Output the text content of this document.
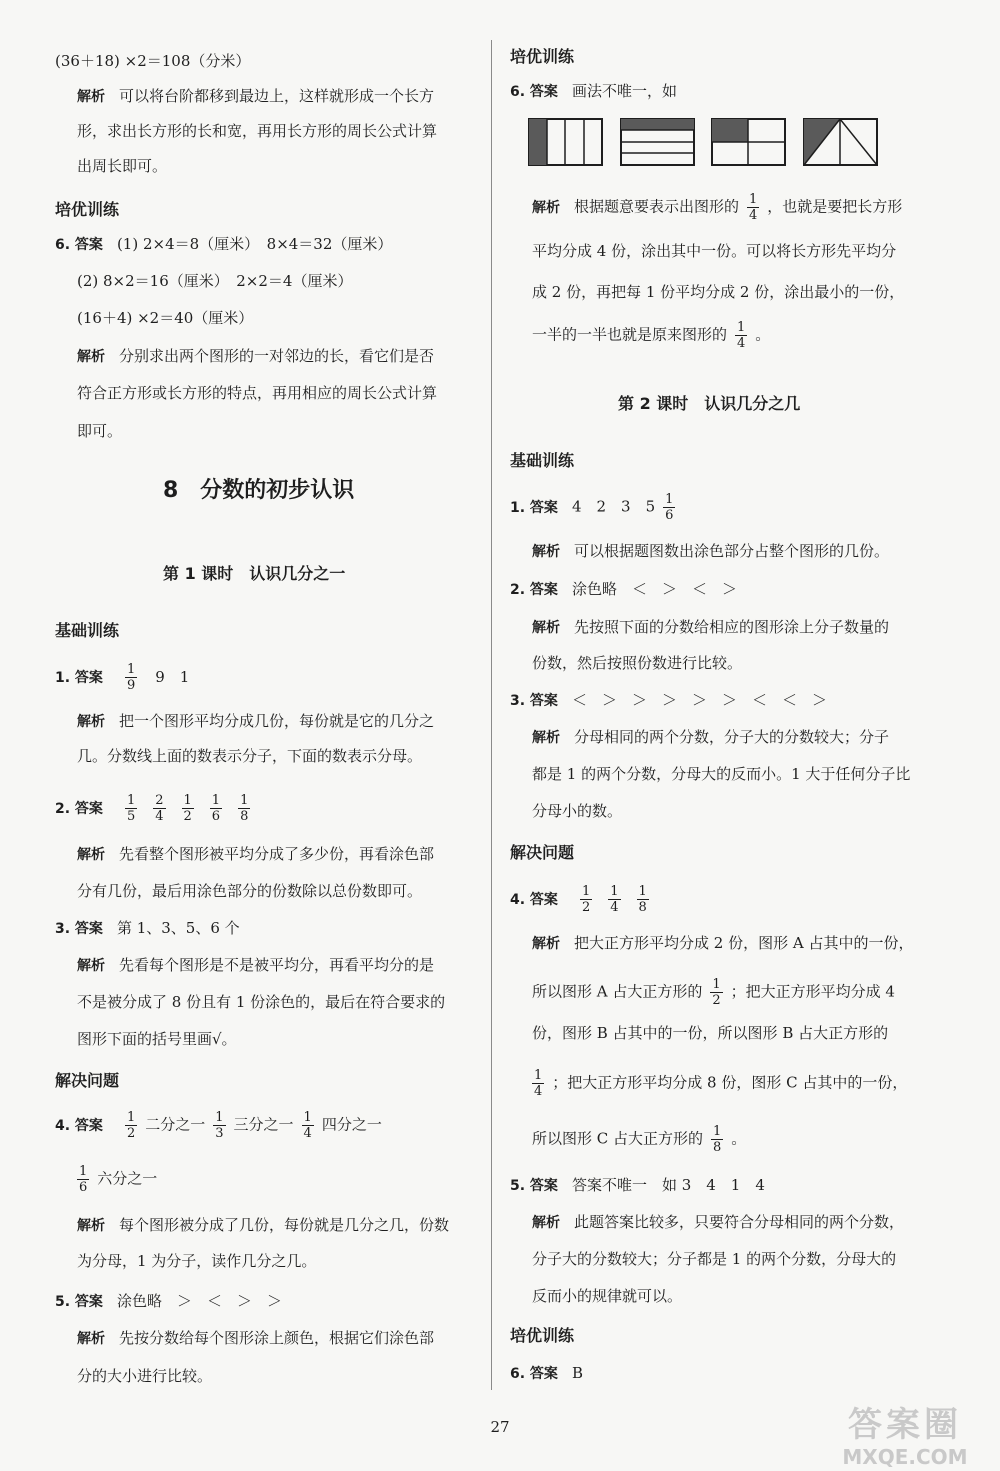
(36＋18) ×2＝108（分米）
解析 可以将台阶都移到最边上，这样就形成一个长方
形，求出长方形的长和宽，再用长方形的周长公式计算
出周长即可。
培优训练
6. 答案 (1) 2×4＝8（厘米）　8×4＝32（厘米）
(2) 8×2＝16（厘米）　2×2＝4（厘米）
(16＋4) ×2＝40（厘米）
解析 分别求出两个图形的一对邻边的长，看它们是否
符合正方形或长方形的特点，再用相应的周长公式计算
即可。
8　分数的初步认识
第 1 课时　认识几分之一
基础训练
1. 答案 $\frac{1}{9} 9$　1
解析 把一个图形平均分成几份，每份就是它的几分之
几。分数线上面的数表示分子，下面的数表示分母。
2. 答案 $\frac{1}{5} \frac{2}{4} \frac{1}{2} \frac{1}{6} \frac{1}{8}$
解析 先看整个图形被平均分成了多少份，再看涂色部
分有几份，最后用涂色部分的份数除以总份数即可。
3. 答案 第 1、3、5、6 个
解析 先看每个图形是不是被平均分，再看平均分的是
不是被分成了 8 份且有 1 份涂色的，最后在符合要求的
图形下面的括号里画√。
解决问题
4. 答案 $\frac{1}{2}$ 二分之一 $\frac{1}{3}$ 三分之一 $\frac{1}{4}$ 四分之一
$\frac{1}{6}$ 六分之一
解析 每个图形被分成了几份，每份就是几分之几，份数
为分母，1 为分子，读作几分之几。
5. 答案 涂色略　＞　＜　＞　＞
解析 先按分数给每个图形涂上颜色，根据它们涂色部
分的大小进行比较。
培优训练
6. 答案 画法不唯一，如
解析 根据题意要表示出图形的 $\frac{1}{4}$ ，也就是要把长方形
平均分成 4 份，涂出其中一份。可以将长方形先平均分
成 2 份，再把每 1 份平均分成 2 份，涂出最小的一份，
一半的一半也就是原来图形的 $\frac{1}{4}$ 。
第 2 课时　认识几分之几
基础训练
1. 答案 4　2　3　$5 \frac{1}{6}$
解析 可以根据题图数出涂色部分占整个图形的几份。
2. 答案 涂色略　＜　＞　＜　＞
解析 先按照下面的分数给相应的图形涂上分子数量的
份数，然后按照份数进行比较。
3. 答案 ＜　＞　＞　＞　＞　＞　＜　＜　＞
解析 分母相同的两个分数，分子大的分数较大；分子
都是 1 的两个分数，分母大的反而小。1 大于任何分子比
分母小的数。
解决问题
4. 答案 $\frac{1}{2} \frac{1}{4} \frac{1}{8}$
解析 把大正方形平均分成 2 份，图形 A 占其中的一份，
所以图形 A 占大正方形的 $\frac{1}{2}$ ；把大正方形平均分成 4
份，图形 B 占其中的一份，所以图形 B 占大正方形的
$\frac{1}{4}$ ；把大正方形平均分成 8 份，图形 C 占其中的一份，
所以图形 C 占大正方形的 $\frac{1}{8}$ 。
5. 答案 答案不唯一　如 3　4　1　4
解析 此题答案比较多，只要符合分母相同的两个分数，
分子大的分数较大；分子都是 1 的两个分数，分母大的
反而小的规律就可以。
培优训练
6. 答案 B
27	答案圈
MXQE.COM
